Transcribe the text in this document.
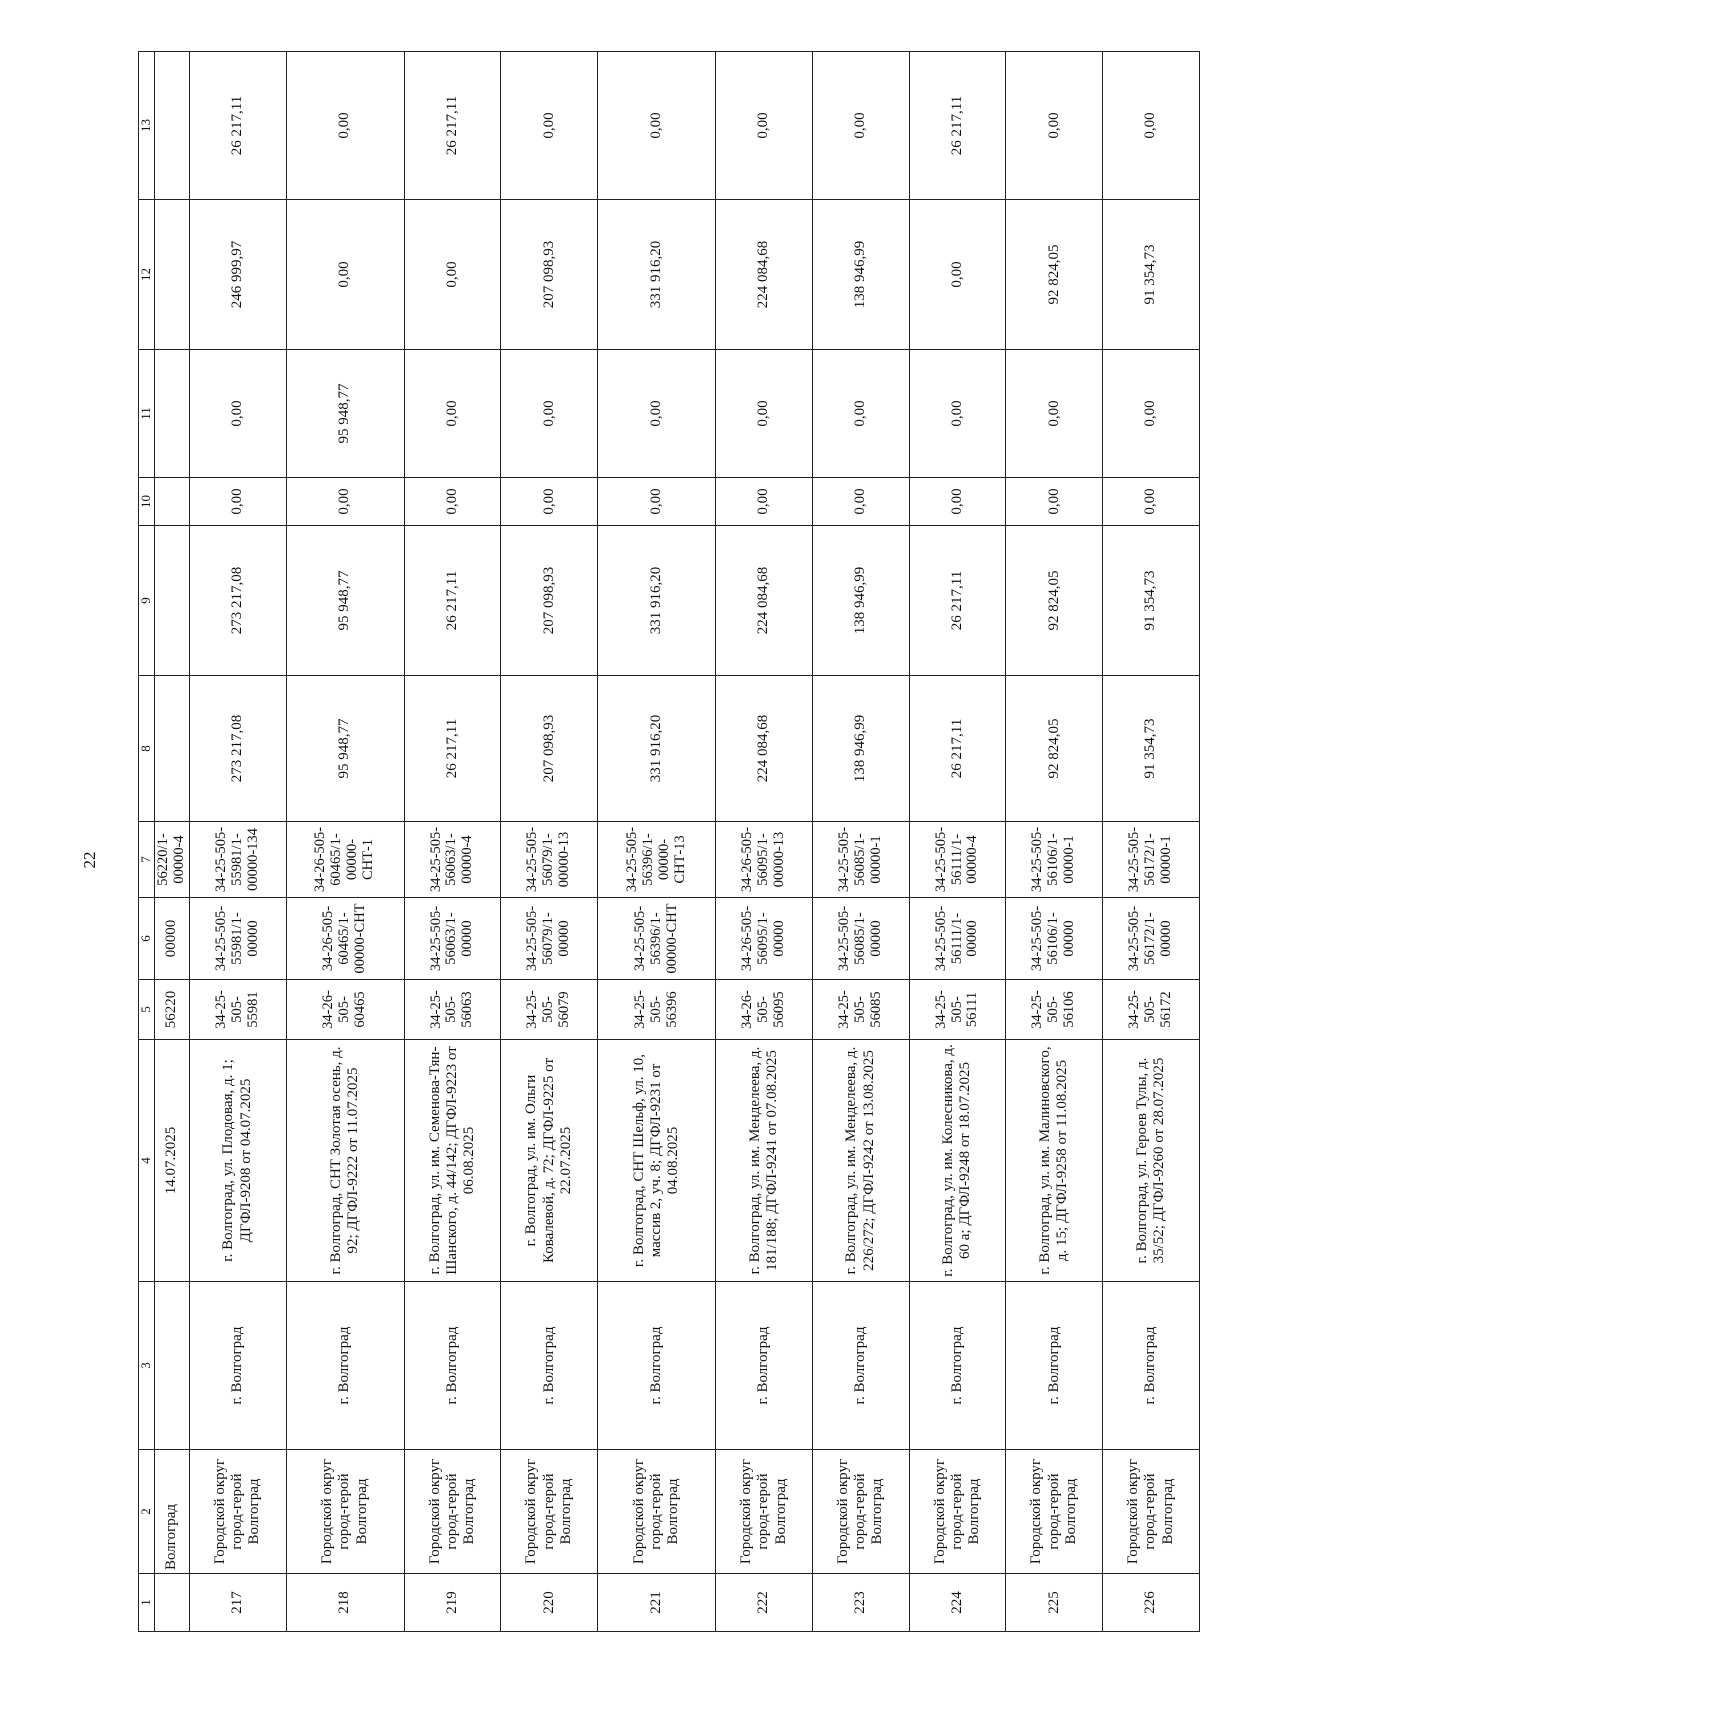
22
1	2	3	4	5	6	7	8	9	10	11	12	13
	Волгоград		14.07.2025	56220	00000	56220/1-00000-4						
217	Городской округ город-герой Волгоград	г. Волгоград	г. Волгоград, ул. Плодовая, д. 1; ДГФЛ-9208 от 04.07.2025	34-25-505-55981	34-25-505-55981/1-00000	34-25-505-55981/1-00000-134	273 217,08	273 217,08	0,00	0,00	246 999,97	26 217,11
218	Городской округ город-герой Волгоград	г. Волгоград	г. Волгоград, СНТ Золотая осень, д. 92; ДГФЛ-9222 от 11.07.2025	34-26-505-60465	34-26-505-60465/1-00000-СНТ	34-26-505-60465/1-00000-СНТ-1	95 948,77	95 948,77	0,00	95 948,77	0,00	0,00
219	Городской округ город-герой Волгоград	г. Волгоград	г. Волгоград, ул. им. Семенова-Тян-Шанского, д. 44/142; ДГФЛ-9223 от 06.08.2025	34-25-505-56063	34-25-505-56063/1-00000	34-25-505-56063/1-00000-4	26 217,11	26 217,11	0,00	0,00	0,00	26 217,11
220	Городской округ город-герой Волгоград	г. Волгоград	г. Волгоград, ул. им. Ольги Ковалевой, д. 72; ДГФЛ-9225 от 22.07.2025	34-25-505-56079	34-25-505-56079/1-00000	34-25-505-56079/1-00000-13	207 098,93	207 098,93	0,00	0,00	207 098,93	0,00
221	Городской округ город-герой Волгоград	г. Волгоград	г. Волгоград, СНТ Шельф, ул. 10, массив 2, уч. 8; ДГФЛ-9231 от 04.08.2025	34-25-505-56396	34-25-505-56396/1-00000-СНТ	34-25-505-56396/1-00000-СНТ-13	331 916,20	331 916,20	0,00	0,00	331 916,20	0,00
222	Городской округ город-герой Волгоград	г. Волгоград	г. Волгоград, ул. им. Менделеева, д. 181/188; ДГФЛ-9241 от 07.08.2025	34-26-505-56095	34-26-505-56095/1-00000	34-26-505-56095/1-00000-13	224 084,68	224 084,68	0,00	0,00	224 084,68	0,00
223	Городской округ город-герой Волгоград	г. Волгоград	г. Волгоград, ул. им. Менделеева, д. 226/272; ДГФЛ-9242 от 13.08.2025	34-25-505-56085	34-25-505-56085/1-00000	34-25-505-56085/1-00000-1	138 946,99	138 946,99	0,00	0,00	138 946,99	0,00
224	Городской округ город-герой Волгоград	г. Волгоград	г. Волгоград, ул. им. Колесникова, д. 60 а; ДГФЛ-9248 от 18.07.2025	34-25-505-56111	34-25-505-56111/1-00000	34-25-505-56111/1-00000-4	26 217,11	26 217,11	0,00	0,00	0,00	26 217,11
225	Городской округ город-герой Волгоград	г. Волгоград	г. Волгоград, ул. им. Малиновского, д. 15; ДГФЛ-9258 от 11.08.2025	34-25-505-56106	34-25-505-56106/1-00000	34-25-505-56106/1-00000-1	92 824,05	92 824,05	0,00	0,00	92 824,05	0,00
226	Городской округ город-герой Волгоград	г. Волгоград	г. Волгоград, ул. Героев Тулы, д. 35/52; ДГФЛ-9260 от 28.07.2025	34-25-505-56172	34-25-505-56172/1-00000	34-25-505-56172/1-00000-1	91 354,73	91 354,73	0,00	0,00	91 354,73	0,00
